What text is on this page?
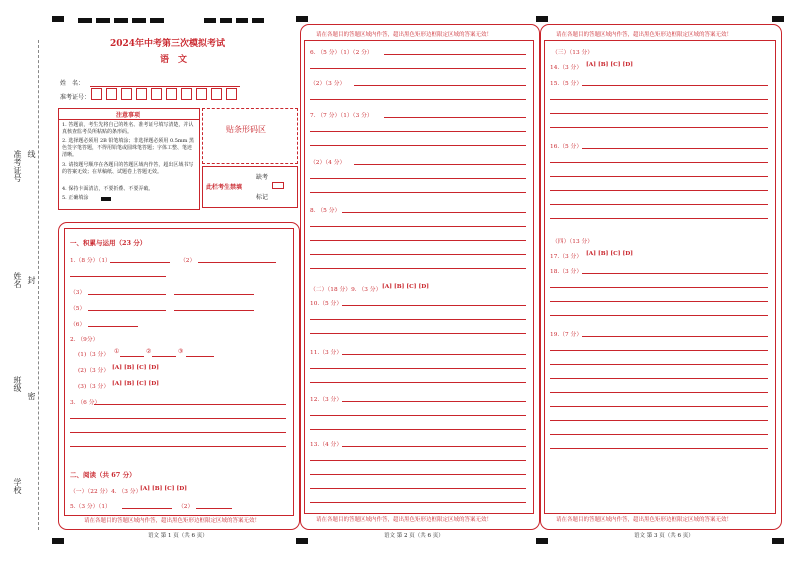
准考证号 线
姓名 封
班级
密
学校
2024年中考第三次模拟考试
语　文
姓　名：
准考证号：
注意事项
1. 答题前，考生先将自己的姓名、准考证号填写清楚，并认真核查监考员所粘贴的条形码。
2. 选择题必须用 2B 铅笔填涂；非选择题必须用 0.5mm 黑色签字笔答题，不得用铅笔或圆珠笔答题；字体工整、笔迹清晰。
3. 请按题号顺序在各题目的答题区域内作答，超出区域书写的答案无效；在草稿纸、试题卷上答题无效。
4. 保持卡面清洁，不要折叠、不要弄破。
5. 正确填涂
贴条形码区
此栏考生禁填
缺考
标记
一、积累与运用（23 分）
1.（8 分）（1）	（2）
（3）
（5）
（6）
2. （9分）
(1)（3 分） ①	②	③
(2)（3 分） [A] [B] [C] [D]
(3)（3 分） [A] [B] [C] [D]
3. （6 分）
二、阅读（共 67 分）
（一）（22 分）4. （3 分）
[A] [B] [C] [D]
5.（3 分）（1）	（2）
请在各题目的答题区域内作答，超出黑色矩形边框限定区域的答案无效！
语文 第 1 页（共 6 页）
请在各题目的答题区域内作答，超出黑色矩形边框限定区域的答案无效！
6. （5 分）（1）（2 分）
（2）（3 分）
7. （7 分）（1）（3 分）
（2）（4 分）
8. （5 分）
（二）（18 分）9. （3 分） [A] [B] [C] [D]
10.（5 分）
11.（3 分）
12.（3 分）
13.（4 分）
请在各题目的答题区域内作答，超出黑色矩形边框限定区域的答案无效！
语文 第 2 页（共 6 页）
请在各题目的答题区域内作答，超出黑色矩形边框限定区域的答案无效！
（三）（13 分）
14.（3 分） [A] [B] [C] [D]
15.（5 分）
16.（5 分）
（四）（13 分）
17.（3 分） [A] [B] [C] [D]
18.（3 分）
19.（7 分）
请在各题目的答题区域内作答，超出黑色矩形边框限定区域的答案无效！
语文 第 3 页（共 6 页）
